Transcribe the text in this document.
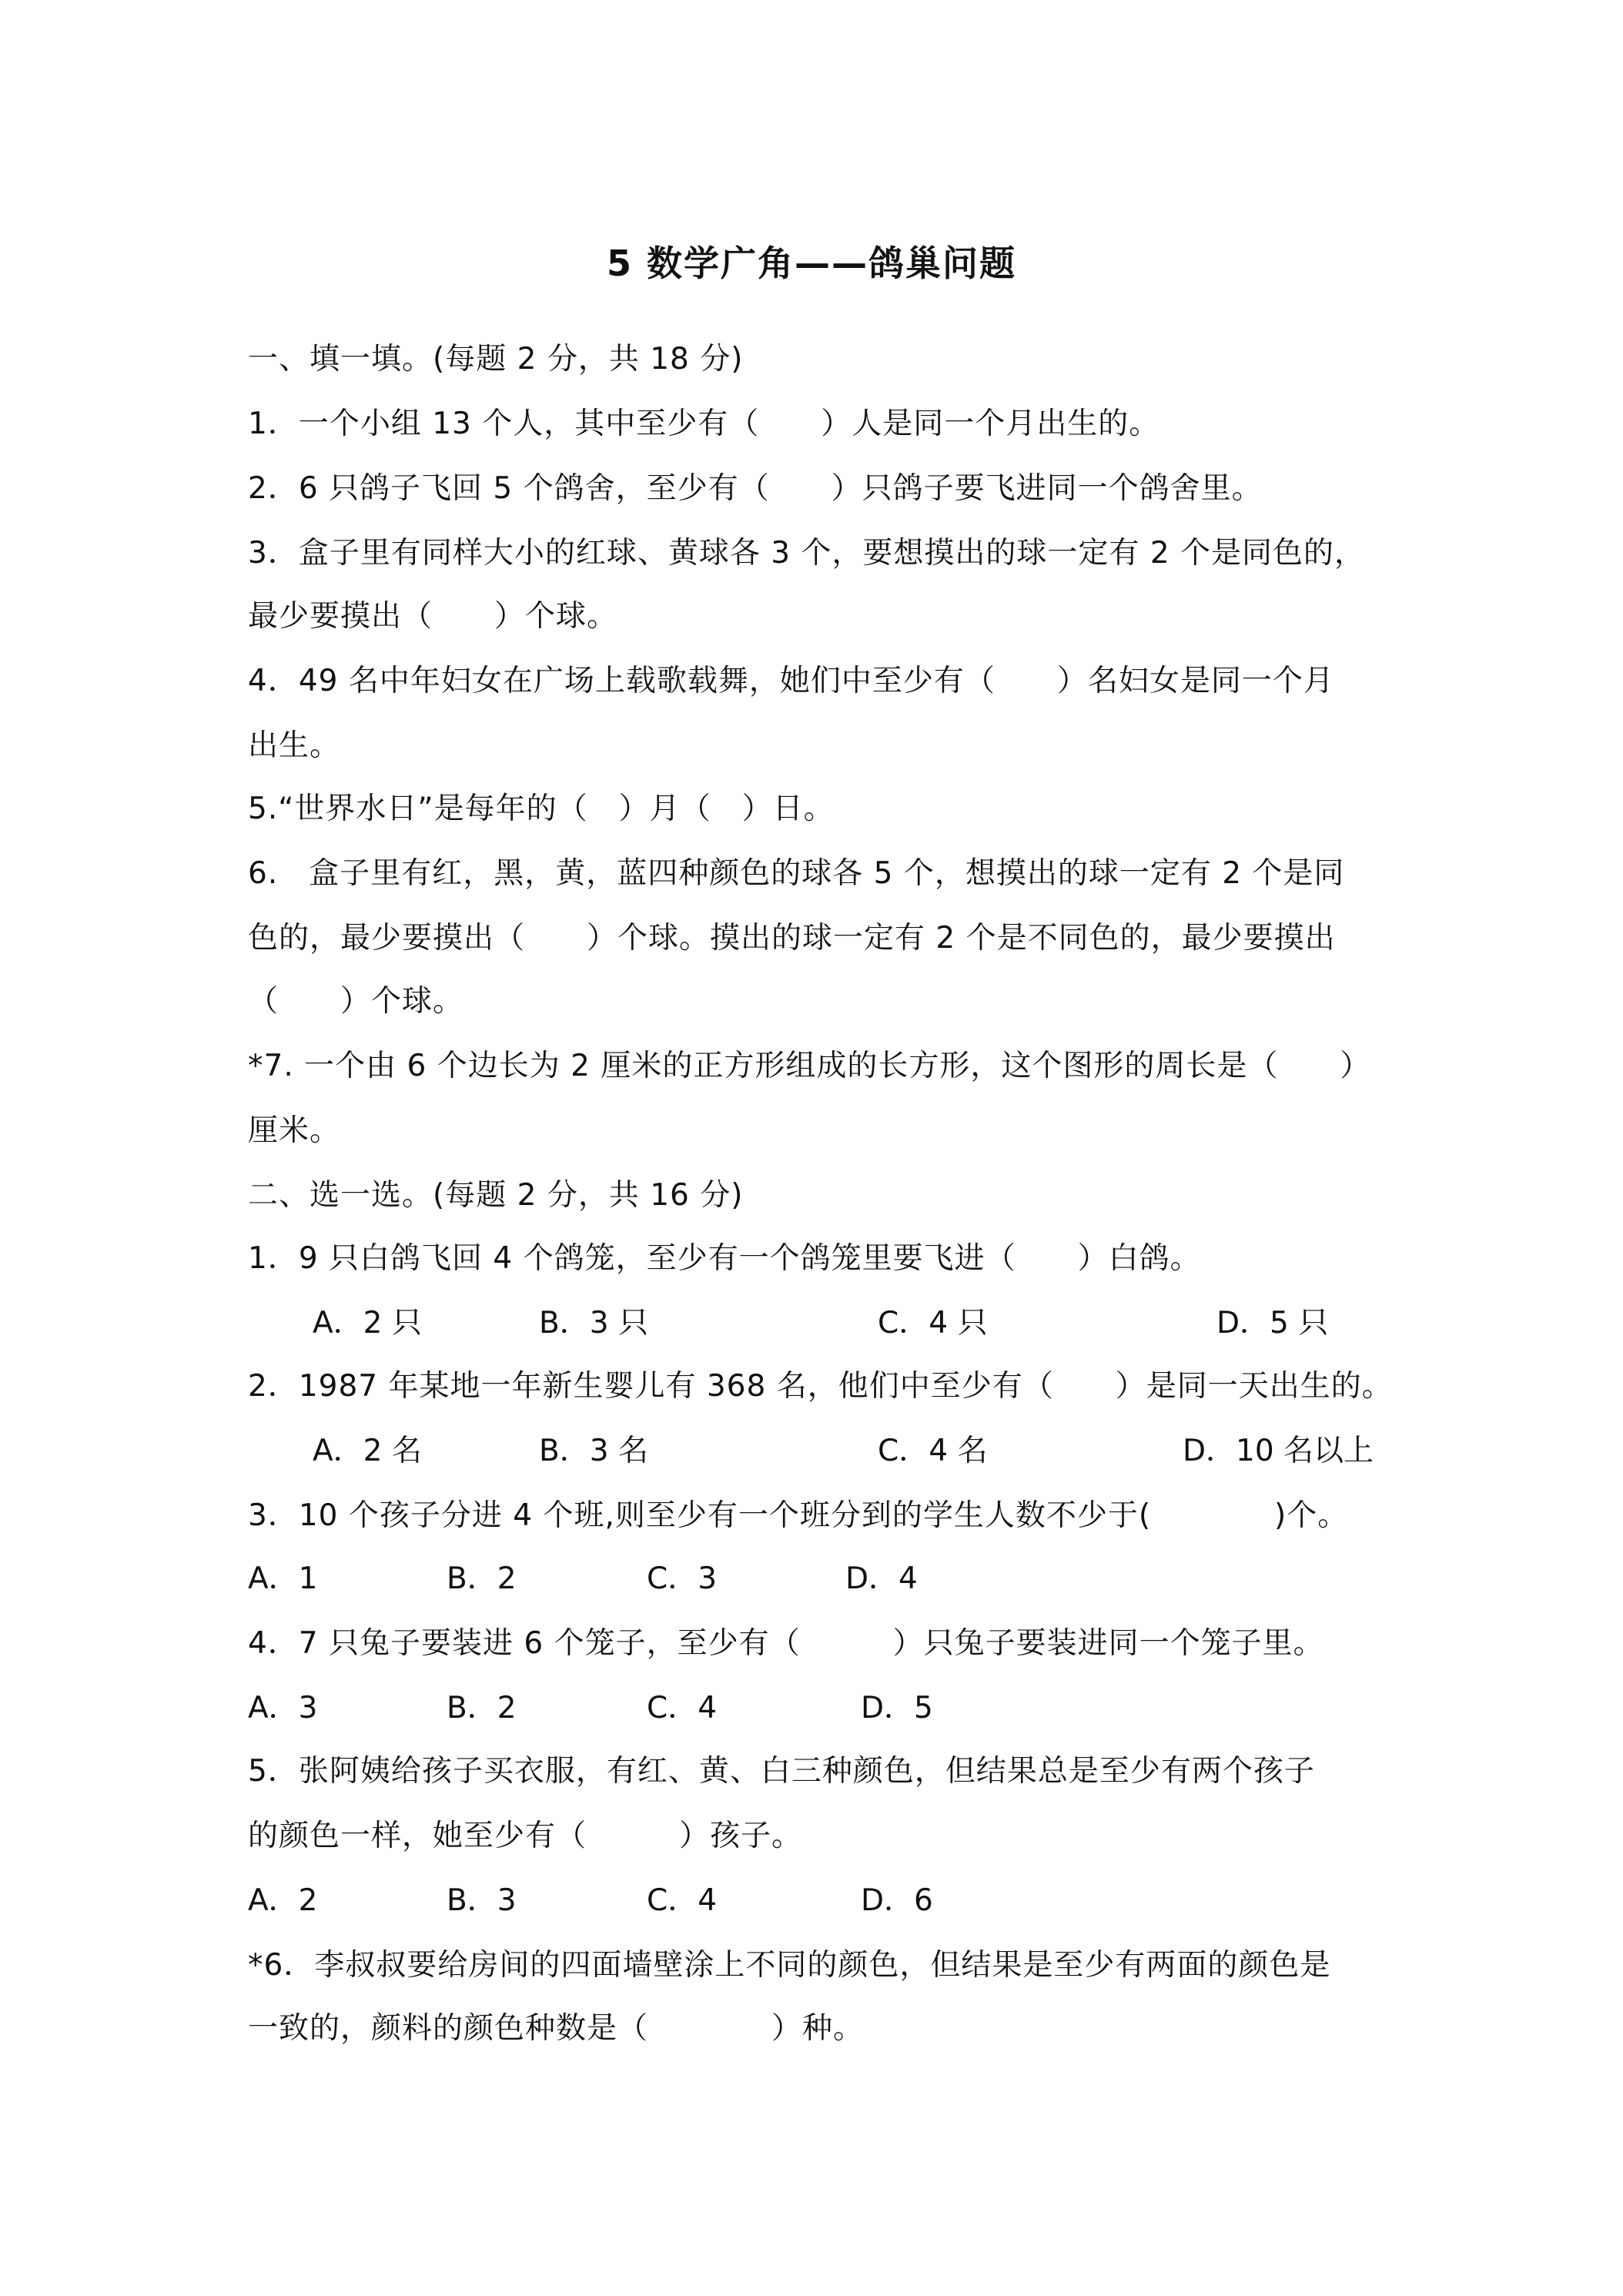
5 数学广角——鸽巢问题
一、填一填。(每题 2 分，共 18 分)
1．一个小组 13 个人，其中至少有（　　）人是同一个月出生的。
2．6 只鸽子飞回 5 个鸽舍，至少有（　　）只鸽子要飞进同一个鸽舍里。
3．盒子里有同样大小的红球、黄球各 3 个，要想摸出的球一定有 2 个是同色的，
最少要摸出（　　）个球。
4．49 名中年妇女在广场上载歌载舞，她们中至少有（　　）名妇女是同一个月
出生。
5.“世界水日”是每年的（　）月（　）日。
6.　盒子里有红，黑，黄，蓝四种颜色的球各 5 个，想摸出的球一定有 2 个是同
色的，最少要摸出（　　）个球。摸出的球一定有 2 个是不同色的，最少要摸出
（　　）个球。
*7. 一个由 6 个边长为 2 厘米的正方形组成的长方形，这个图形的周长是（　　）
厘米。
二、选一选。(每题 2 分，共 16 分)
1．9 只白鸽飞回 4 个鸽笼，至少有一个鸽笼里要飞进（　　）白鸽。
A．2 只	B．3 只	C．4 只	D．5 只
2．1987 年某地一年新生婴儿有 368 名，他们中至少有（　　）是同一天出生的。
A．2 名	B．3 名	C．4 名	D．10 名以上
3．10 个孩子分进 4 个班,则至少有一个班分到的学生人数不少于(　　　　)个。
A．1	B．2	C．3	D．4
4．7 只兔子要装进 6 个笼子，至少有（　　　）只兔子要装进同一个笼子里。
A．3	B．2	C．4	D．5
5．张阿姨给孩子买衣服，有红、黄、白三种颜色，但结果总是至少有两个孩子
的颜色一样，她至少有（　　　）孩子。
A．2	B．3	C．4	D．6
*6．李叔叔要给房间的四面墙壁涂上不同的颜色，但结果是至少有两面的颜色是
一致的，颜料的颜色种数是（　　　　）种。
